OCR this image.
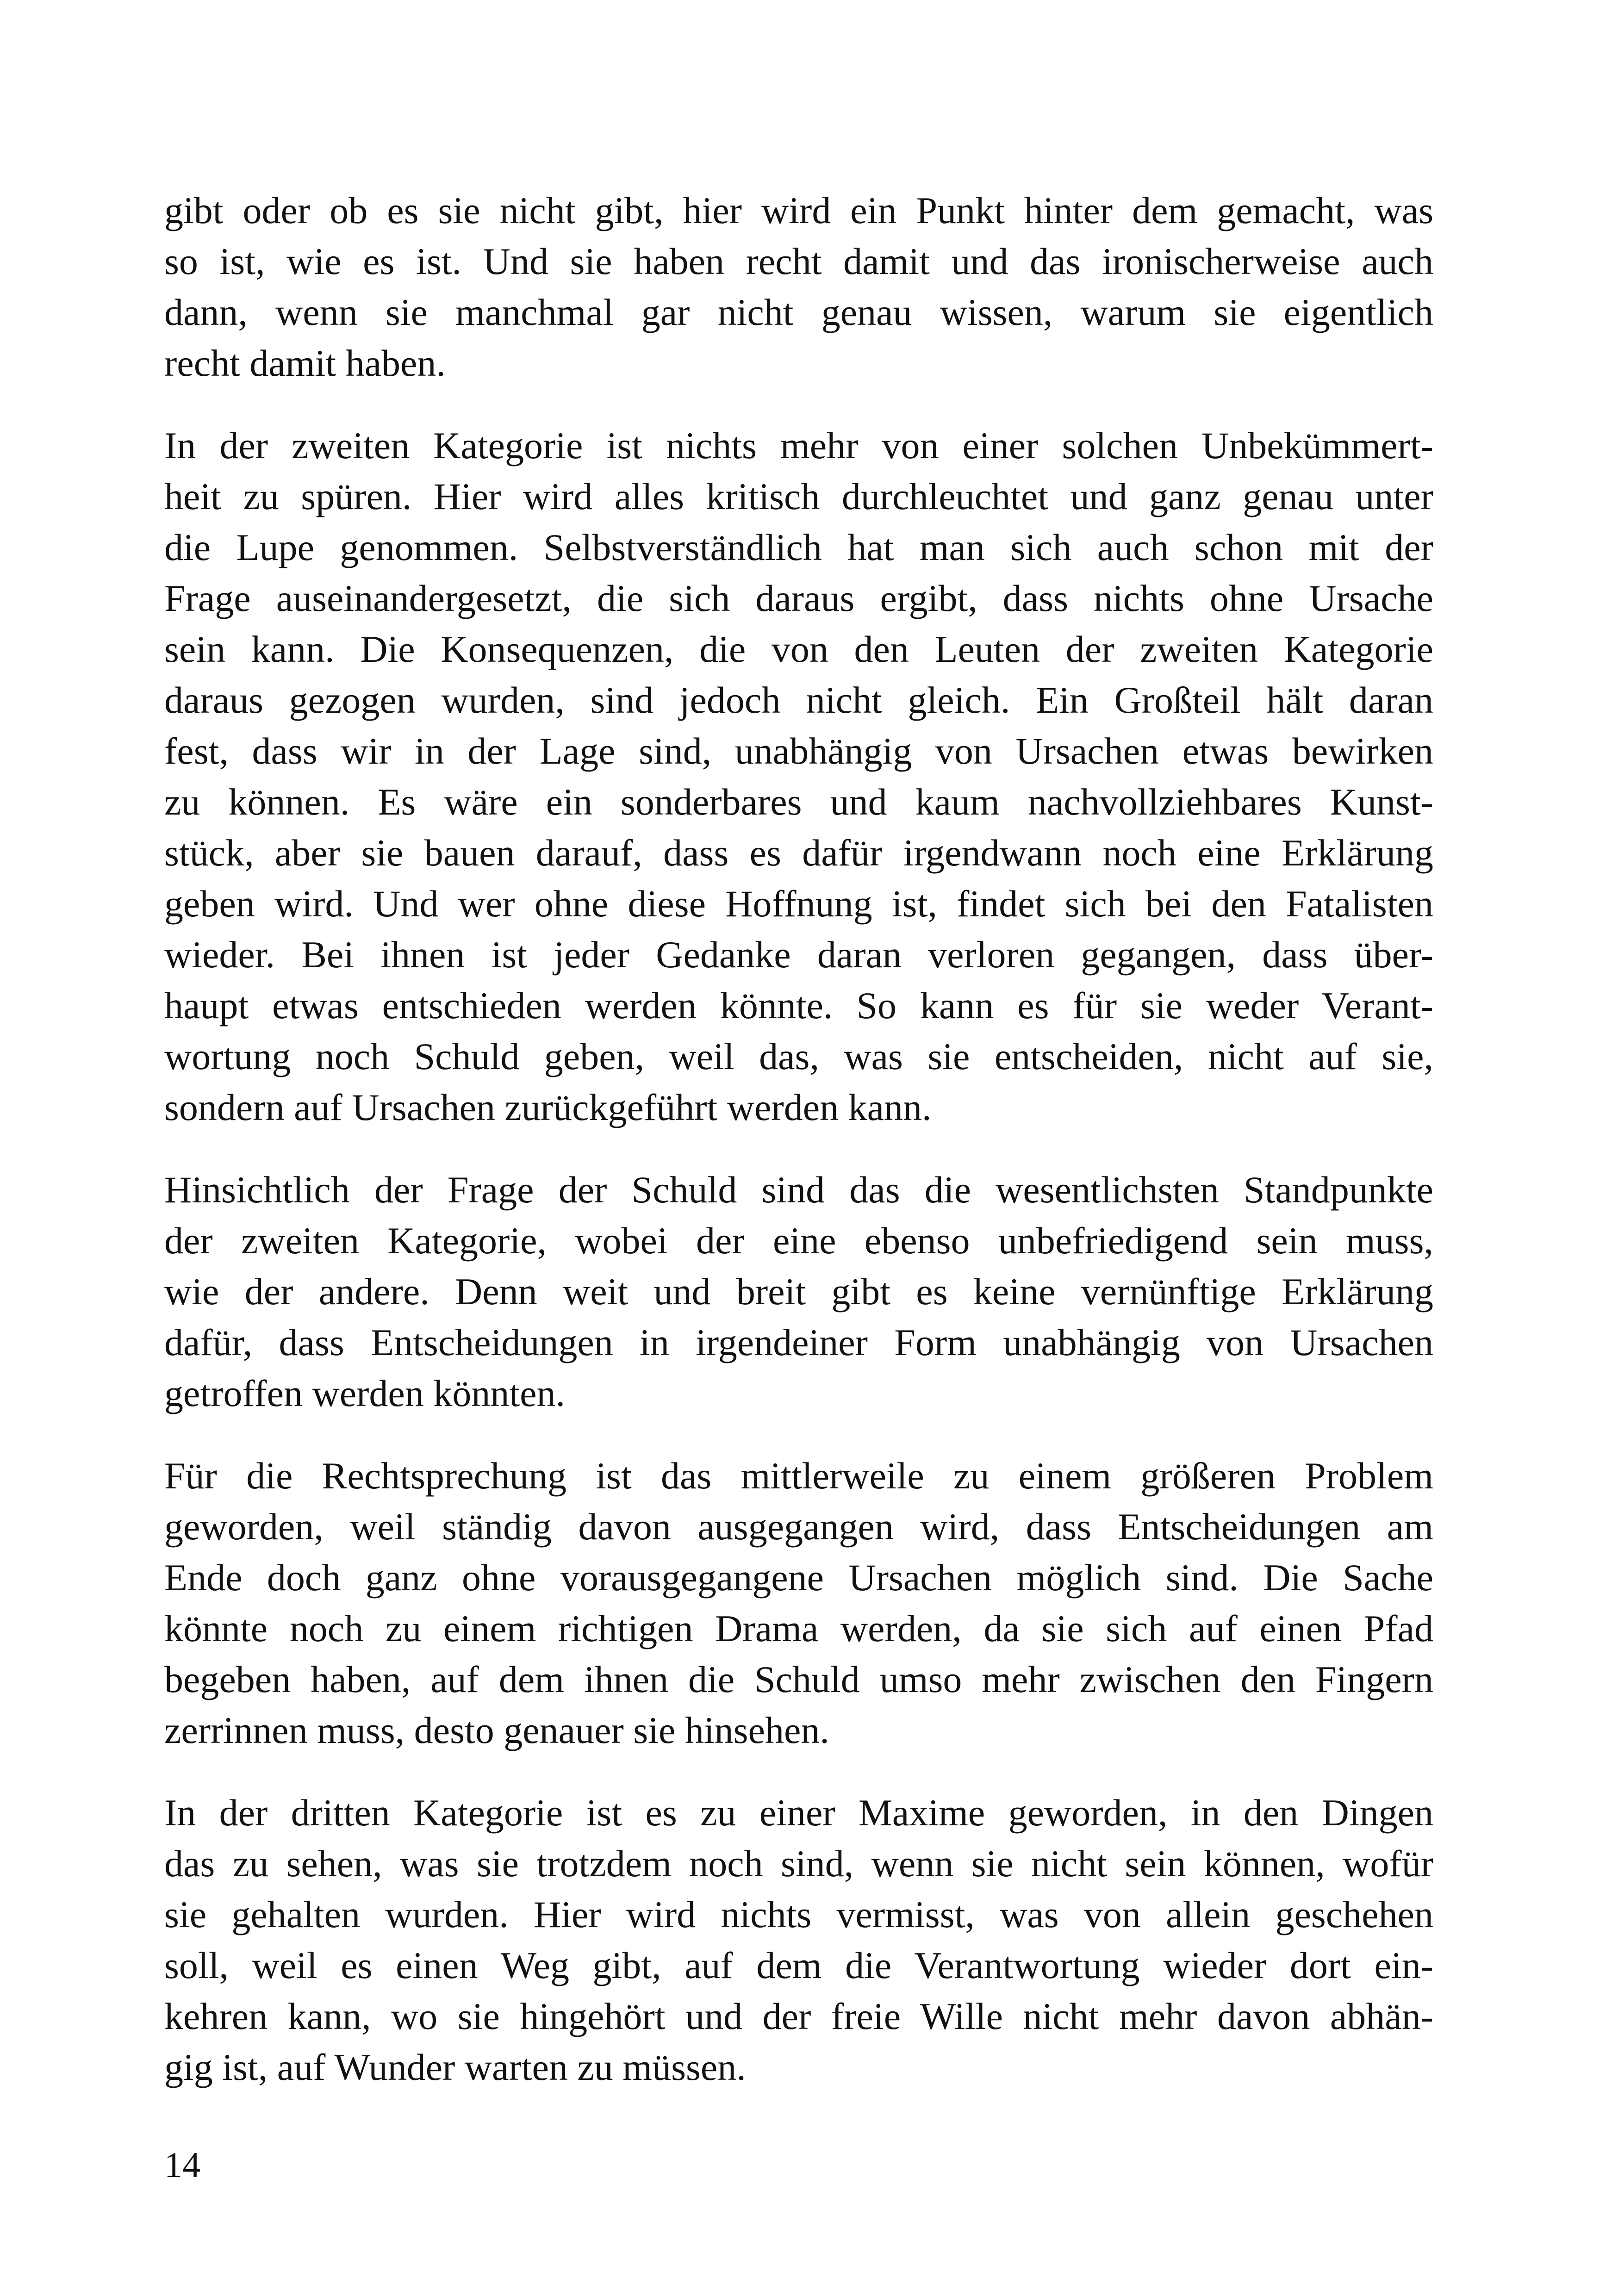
gibt oder ob es sie nicht gibt, hier wird ein Punkt hinter dem gemacht, was
so ist, wie es ist. Und sie haben recht damit und das ironischerweise auch
dann, wenn sie manchmal gar nicht genau wissen, warum sie eigentlich
recht damit haben.

In der zweiten Kategorie ist nichts mehr von einer solchen Unbekümmert-
heit zu spüren. Hier wird alles kritisch durchleuchtet und ganz genau unter
die Lupe genommen. Selbstverständlich hat man sich auch schon mit der
Frage auseinandergesetzt, die sich daraus ergibt, dass nichts ohne Ursache
sein kann. Die Konsequenzen, die von den Leuten der zweiten Kategorie
daraus gezogen wurden, sind jedoch nicht gleich. Ein Großteil hält daran
fest, dass wir in der Lage sind, unabhängig von Ursachen etwas bewirken
zu können. Es wäre ein sonderbares und kaum nachvollziehbares Kunst-
stück, aber sie bauen darauf, dass es dafür irgendwann noch eine Erklärung
geben wird. Und wer ohne diese Hoffnung ist, findet sich bei den Fatalisten
wieder. Bei ihnen ist jeder Gedanke daran verloren gegangen, dass über-
haupt etwas entschieden werden könnte. So kann es für sie weder Verant-
wortung noch Schuld geben, weil das, was sie entscheiden, nicht auf sie,
sondern auf Ursachen zurückgeführt werden kann.

Hinsichtlich der Frage der Schuld sind das die wesentlichsten Standpunkte
der zweiten Kategorie, wobei der eine ebenso unbefriedigend sein muss,
wie der andere. Denn weit und breit gibt es keine vernünftige Erklärung
dafür, dass Entscheidungen in irgendeiner Form unabhängig von Ursachen
getroffen werden könnten.

Für die Rechtsprechung ist das mittlerweile zu einem größeren Problem
geworden, weil ständig davon ausgegangen wird, dass Entscheidungen am
Ende doch ganz ohne vorausgegangene Ursachen möglich sind. Die Sache
könnte noch zu einem richtigen Drama werden, da sie sich auf einen Pfad
begeben haben, auf dem ihnen die Schuld umso mehr zwischen den Fingern
zerrinnen muss, desto genauer sie hinsehen.

In der dritten Kategorie ist es zu einer Maxime geworden, in den Dingen
das zu sehen, was sie trotzdem noch sind, wenn sie nicht sein können, wofür
sie gehalten wurden. Hier wird nichts vermisst, was von allein geschehen
soll, weil es einen Weg gibt, auf dem die Verantwortung wieder dort ein-
kehren kann, wo sie hingehört und der freie Wille nicht mehr davon abhän-
gig ist, auf Wunder warten zu müssen.

14
